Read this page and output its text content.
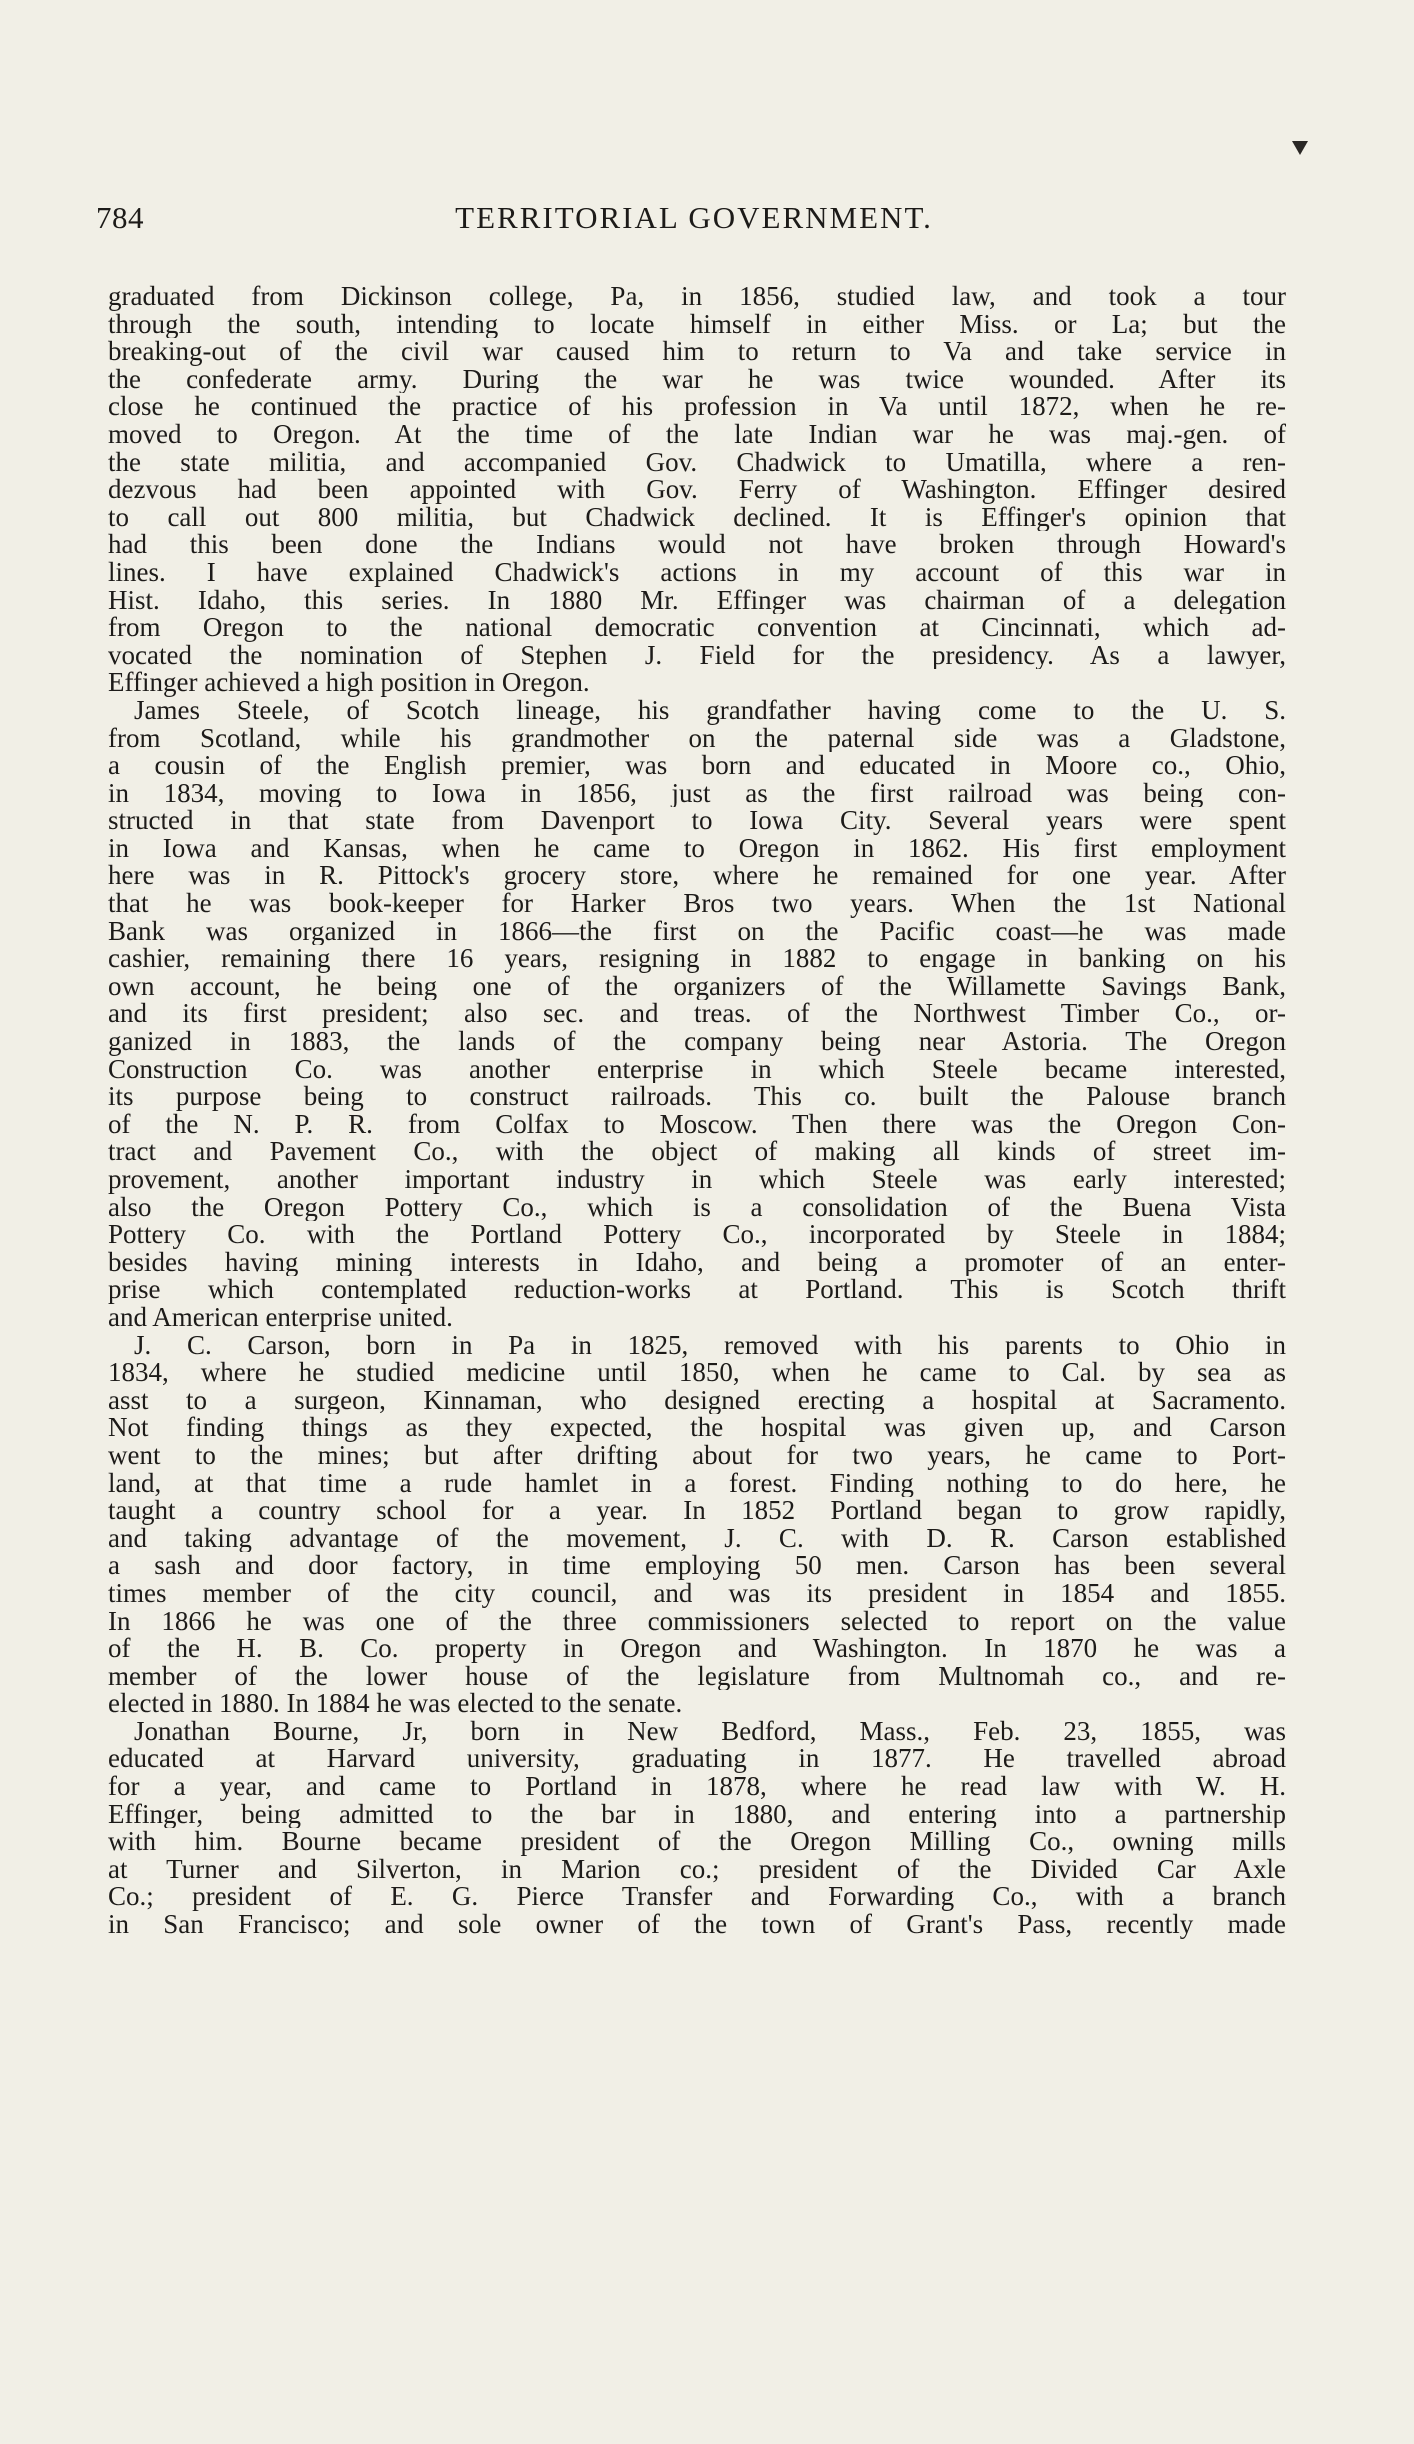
784	TERRITORIAL GOVERNMENT.
graduated from Dickinson college, Pa, in 1856, studied law, and took a tour
through the south, intending to locate himself in either Miss. or La; but the
breaking-out of the civil war caused him to return to Va and take service in
the confederate army. During the war he was twice wounded. After its
close he continued the practice of his profession in Va until 1872, when he re-
moved to Oregon. At the time of the late Indian war he was maj.-gen. of
the state militia, and accompanied Gov. Chadwick to Umatilla, where a ren-
dezvous had been appointed with Gov. Ferry of Washington. Effinger desired
to call out 800 militia, but Chadwick declined. It is Effinger's opinion that
had this been done the Indians would not have broken through Howard's
lines. I have explained Chadwick's actions in my account of this war in
Hist. Idaho, this series. In 1880 Mr. Effinger was chairman of a delegation
from Oregon to the national democratic convention at Cincinnati, which ad-
vocated the nomination of Stephen J. Field for the presidency. As a lawyer,
Effinger achieved a high position in Oregon.
James Steele, of Scotch lineage, his grandfather having come to the U. S.
from Scotland, while his grandmother on the paternal side was a Gladstone,
a cousin of the English premier, was born and educated in Moore co., Ohio,
in 1834, moving to Iowa in 1856, just as the first railroad was being con-
structed in that state from Davenport to Iowa City. Several years were spent
in Iowa and Kansas, when he came to Oregon in 1862. His first employment
here was in R. Pittock's grocery store, where he remained for one year. After
that he was book-keeper for Harker Bros two years. When the 1st National
Bank was organized in 1866—the first on the Pacific coast—he was made
cashier, remaining there 16 years, resigning in 1882 to engage in banking on his
own account, he being one of the organizers of the Willamette Savings Bank,
and its first president; also sec. and treas. of the Northwest Timber Co., or-
ganized in 1883, the lands of the company being near Astoria. The Oregon
Construction Co. was another enterprise in which Steele became interested,
its purpose being to construct railroads. This co. built the Palouse branch
of the N. P. R. from Colfax to Moscow. Then there was the Oregon Con-
tract and Pavement Co., with the object of making all kinds of street im-
provement, another important industry in which Steele was early interested;
also the Oregon Pottery Co., which is a consolidation of the Buena Vista
Pottery Co. with the Portland Pottery Co., incorporated by Steele in 1884;
besides having mining interests in Idaho, and being a promoter of an enter-
prise which contemplated reduction-works at Portland. This is Scotch thrift
and American enterprise united.
J. C. Carson, born in Pa in 1825, removed with his parents to Ohio in
1834, where he studied medicine until 1850, when he came to Cal. by sea as
asst to a surgeon, Kinnaman, who designed erecting a hospital at Sacramento.
Not finding things as they expected, the hospital was given up, and Carson
went to the mines; but after drifting about for two years, he came to Port-
land, at that time a rude hamlet in a forest. Finding nothing to do here, he
taught a country school for a year. In 1852 Portland began to grow rapidly,
and taking advantage of the movement, J. C. with D. R. Carson established
a sash and door factory, in time employing 50 men. Carson has been several
times member of the city council, and was its president in 1854 and 1855.
In 1866 he was one of the three commissioners selected to report on the value
of the H. B. Co. property in Oregon and Washington. In 1870 he was a
member of the lower house of the legislature from Multnomah co., and re-
elected in 1880. In 1884 he was elected to the senate.
Jonathan Bourne, Jr, born in New Bedford, Mass., Feb. 23, 1855, was
educated at Harvard university, graduating in 1877. He travelled abroad
for a year, and came to Portland in 1878, where he read law with W. H.
Effinger, being admitted to the bar in 1880, and entering into a partnership
with him. Bourne became president of the Oregon Milling Co., owning mills
at Turner and Silverton, in Marion co.; president of the Divided Car Axle
Co.; president of E. G. Pierce Transfer and Forwarding Co., with a branch
in San Francisco; and sole owner of the town of Grant's Pass, recently made
